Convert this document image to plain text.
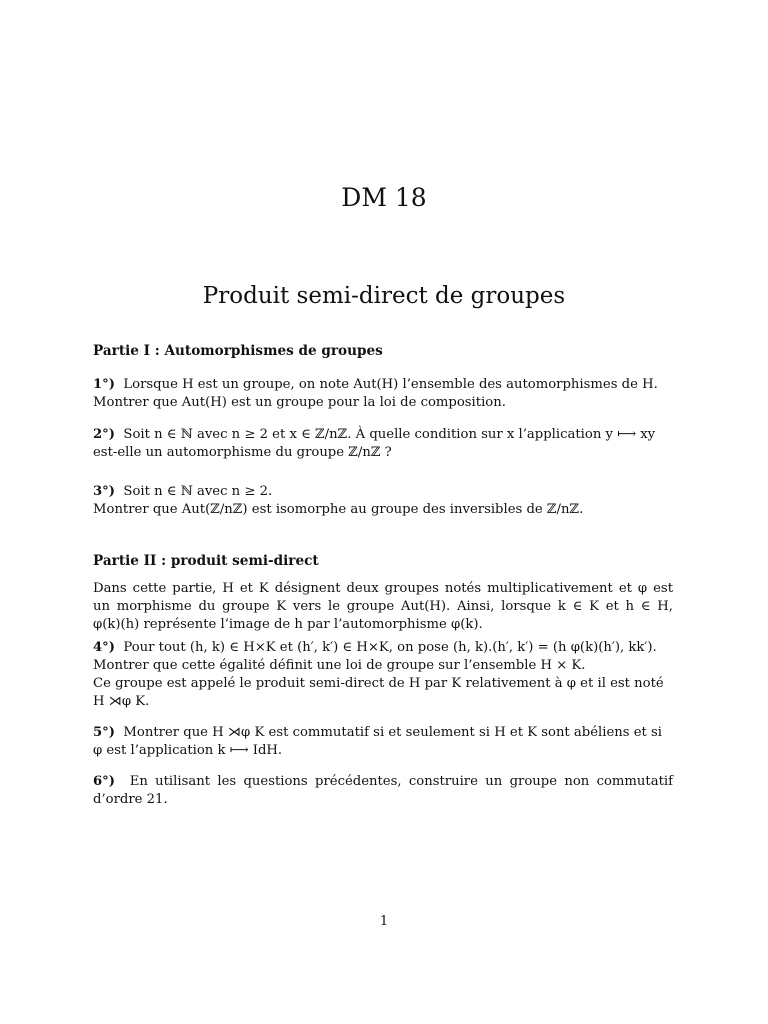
DM 18
Produit semi-direct de groupes
Partie I : Automorphismes de groupes
1°) Lorsque H est un groupe, on note Aut(H) l’ensemble des automorphismes de H.
Montrer que Aut(H) est un groupe pour la loi de composition.
2°) Soit n ∈ ℕ avec n ≥ 2 et x ∈ ℤ/nℤ. À quelle condition sur x l’application y ⟼ xy
est-elle un automorphisme du groupe ℤ/nℤ ?
3°) Soit n ∈ ℕ avec n ≥ 2.
Montrer que Aut(ℤ/nℤ) est isomorphe au groupe des inversibles de ℤ/nℤ.
Partie II : produit semi-direct
Dans cette partie, H et K désignent deux groupes notés multiplicativement et φ est
un morphisme du groupe K vers le groupe Aut(H). Ainsi, lorsque k ∈ K et h ∈ H,
φ(k)(h) représente l’image de h par l’automorphisme φ(k).
4°) Pour tout (h, k) ∈ H×K et (h′, k′) ∈ H×K, on pose (h, k).(h′, k′) = (h φ(k)(h′), kk′).
Montrer que cette égalité définit une loi de groupe sur l’ensemble H × K.
Ce groupe est appelé le produit semi-direct de H par K relativement à φ et il est noté
H ⋊φ K.
5°) Montrer que H ⋊φ K est commutatif si et seulement si H et K sont abéliens et si
φ est l’application k ⟼ IdH.
6°) En utilisant les questions précédentes, construire un groupe non commutatif
d’ordre 21.
1
